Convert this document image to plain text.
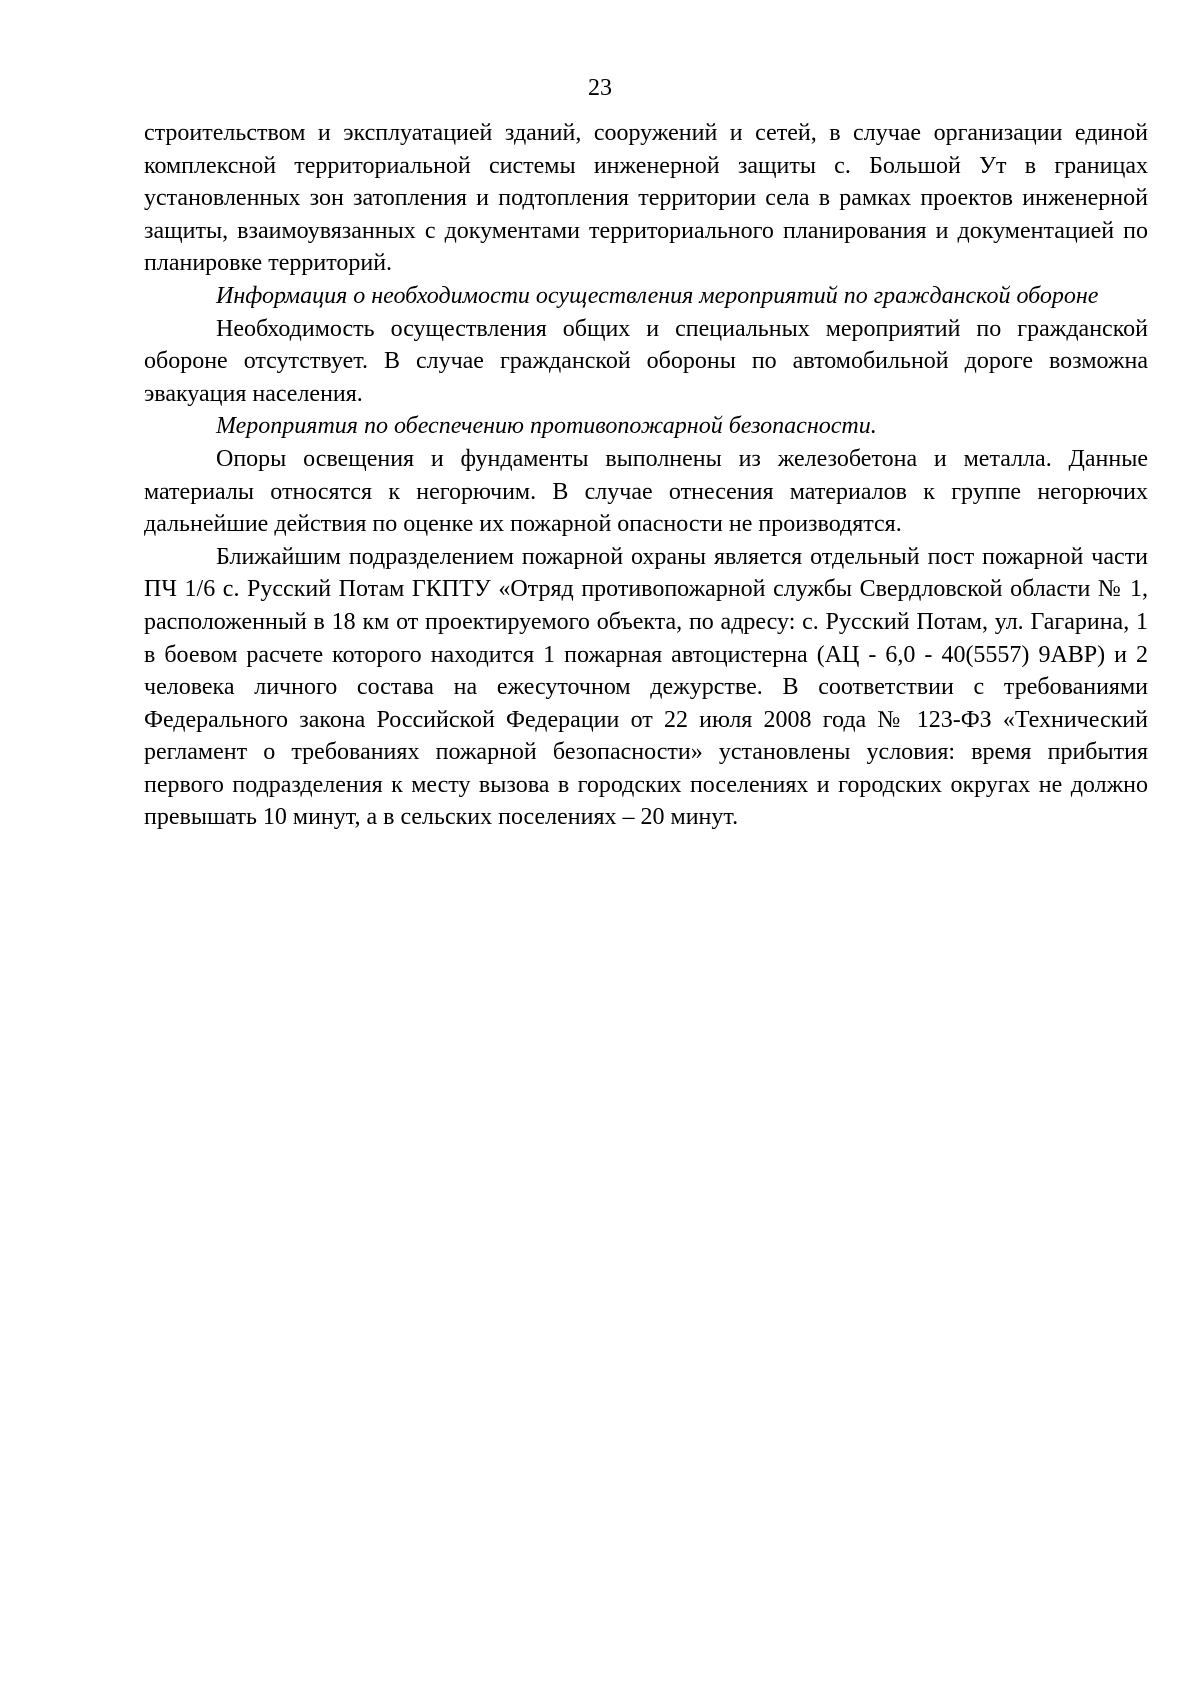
23

строительством и эксплуатацией зданий, сооружений и сетей, в случае организации единой комплексной территориальной системы инженерной защиты с. Большой Ут в границах установленных зон затопления и подтопления территории села в рамках проектов инженерной защиты, взаимоувязанных с документами территориального планирования и документацией по планировке территорий.

Информация о необходимости осуществления мероприятий по гражданской обороне

Необходимость осуществления общих и специальных мероприятий по гражданской обороне отсутствует. В случае гражданской обороны по автомобильной дороге возможна эвакуация населения.

Мероприятия по обеспечению противопожарной безопасности.

Опоры освещения и фундаменты выполнены из железобетона и металла. Данные материалы относятся к негорючим. В случае отнесения материалов к группе негорючих дальнейшие действия по оценке их пожарной опасности не производятся.

Ближайшим подразделением пожарной охраны является отдельный пост пожарной части ПЧ 1/6 с. Русский Потам ГКПТУ «Отряд противопожарной службы Свердловской области № 1, расположенный в 18 км от проектируемого объекта, по адресу: с. Русский Потам, ул. Гагарина, 1 в боевом расчете которого находится 1 пожарная автоцистерна (АЦ - 6,0 - 40(5557) 9АВР) и 2 человека личного состава на ежесуточном дежурстве. В соответствии с требованиями Федерального закона Российской Федерации от 22 июля 2008 года № 123-ФЗ «Технический регламент о требованиях пожарной безопасности» установлены условия: время прибытия первого подразделения к месту вызова в городских поселениях и городских округах не должно превышать 10 минут, а в сельских поселениях – 20 минут.
